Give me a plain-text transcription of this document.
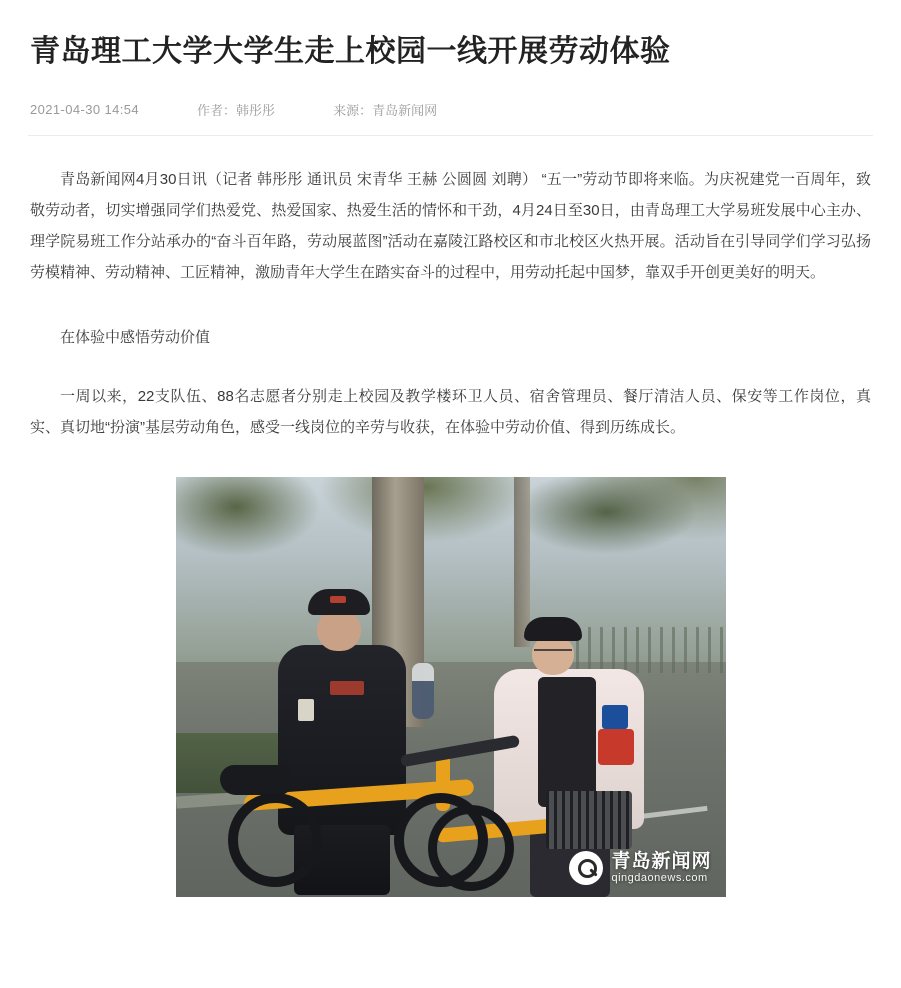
青岛理工大学大学生走上校园一线开展劳动体验
2021-04-30 14:54	作者：韩彤彤	来源：青岛新闻网

青岛新闻网4月30日讯（记者 韩彤彤 通讯员 宋青华 王赫 公圆圆 刘聘） “五一”劳动节即将来临。为庆祝建党一百周年，致敬劳动者，切实增强同学们热爱党、热爱国家、热爱生活的情怀和干劲，4月24日至30日，由青岛理工大学易班发展中心主办、理学院易班工作分站承办的“奋斗百年路，劳动展蓝图”活动在嘉陵江路校区和市北校区火热开展。活动旨在引导同学们学习弘扬劳模精神、劳动精神、工匠精神，激励青年大学生在踏实奋斗的过程中，用劳动托起中国梦，靠双手开创更美好的明天。

在体验中感悟劳动价值

一周以来，22支队伍、88名志愿者分别走上校园及教学楼环卫人员、宿舍管理员、餐厅清洁人员、保安等工作岗位，真实、真切地“扮演”基层劳动角色，感受一线岗位的辛劳与收获，在体验中劳动价值、得到历练成长。

青岛新闻网
qingdaonews.com
